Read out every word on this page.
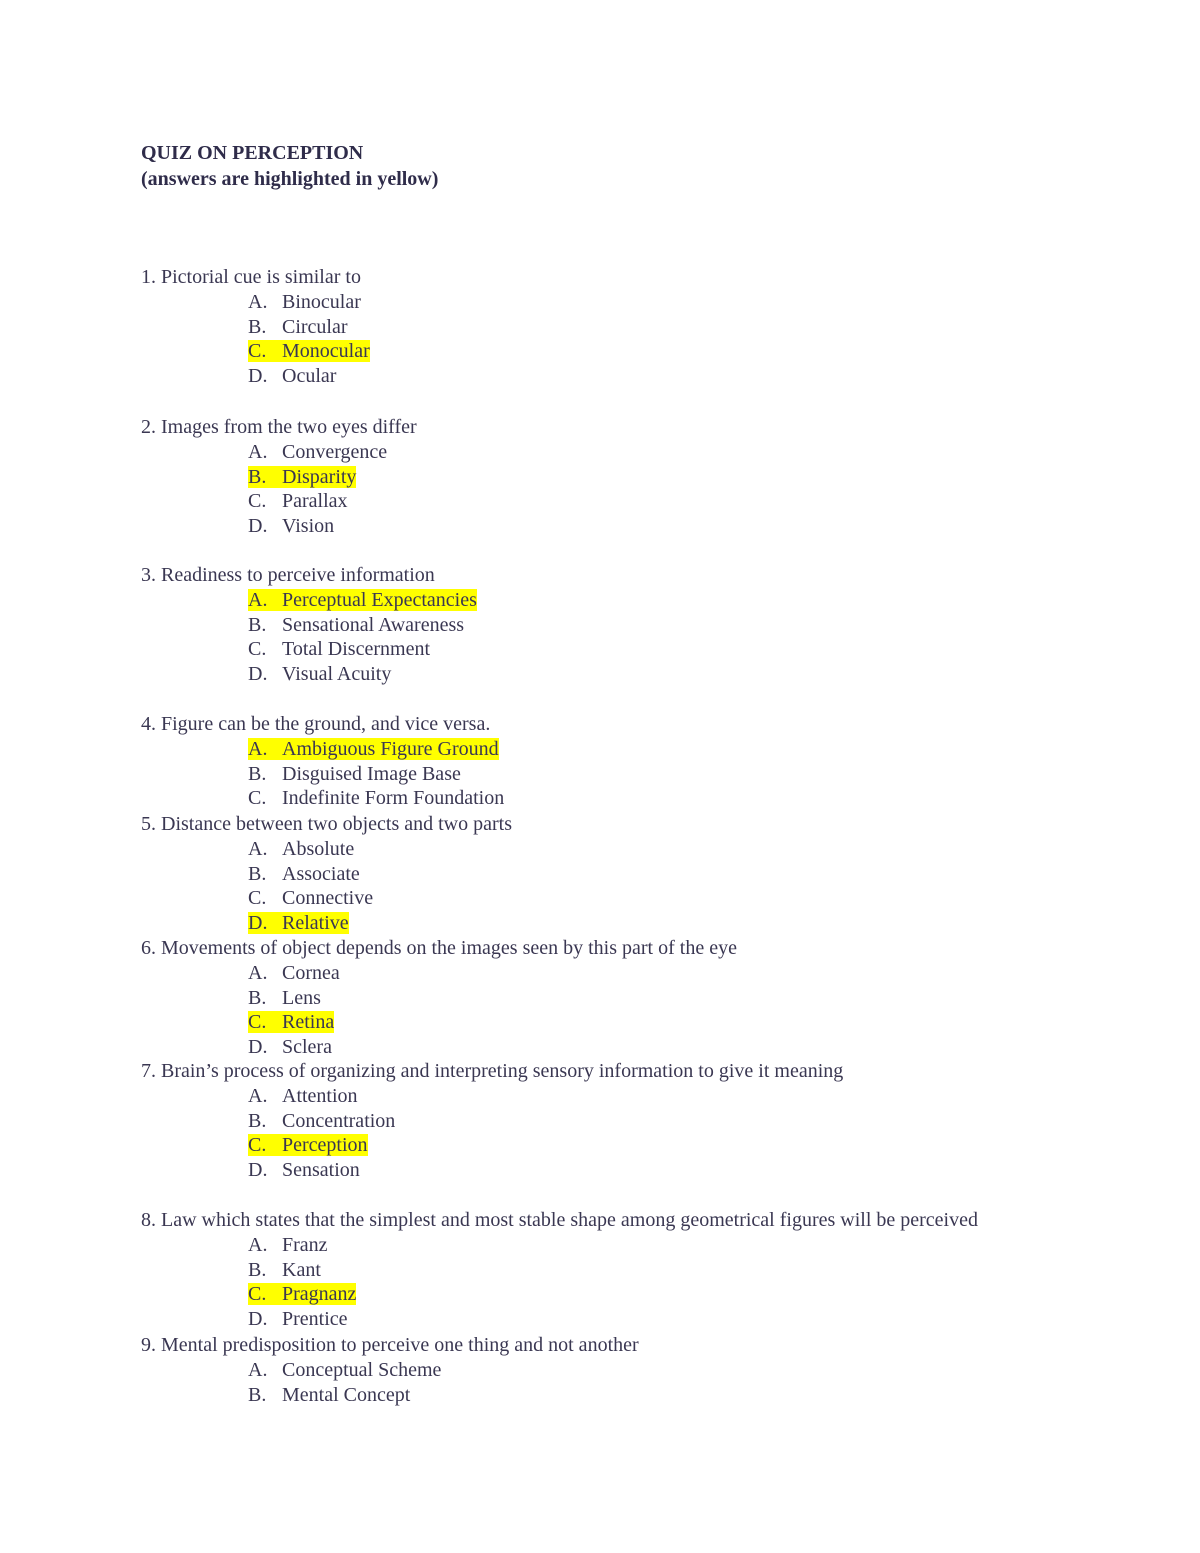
QUIZ ON PERCEPTION
(answers are highlighted in yellow)
1. Pictorial cue is similar to
A. Binocular
B. Circular
C. Monocular
D. Ocular
2. Images from the two eyes differ
A. Convergence
B. Disparity
C. Parallax
D. Vision
3. Readiness to perceive information
A. Perceptual Expectancies
B. Sensational Awareness
C. Total Discernment
D. Visual Acuity
4. Figure can be the ground, and vice versa.
A. Ambiguous Figure Ground
B. Disguised Image Base
C. Indefinite Form Foundation
5. Distance between two objects and two parts
A. Absolute
B. Associate
C. Connective
D. Relative
6. Movements of object depends on the images seen by this part of the eye
A. Cornea
B. Lens
C. Retina
D. Sclera
7. Brain’s process of organizing and interpreting sensory information to give it meaning
A. Attention
B. Concentration
C. Perception
D. Sensation
8. Law which states that the simplest and most stable shape among geometrical figures will be perceived
A. Franz
B. Kant
C. Pragnanz
D. Prentice
9. Mental predisposition to perceive one thing and not another
A. Conceptual Scheme
B. Mental Concept
